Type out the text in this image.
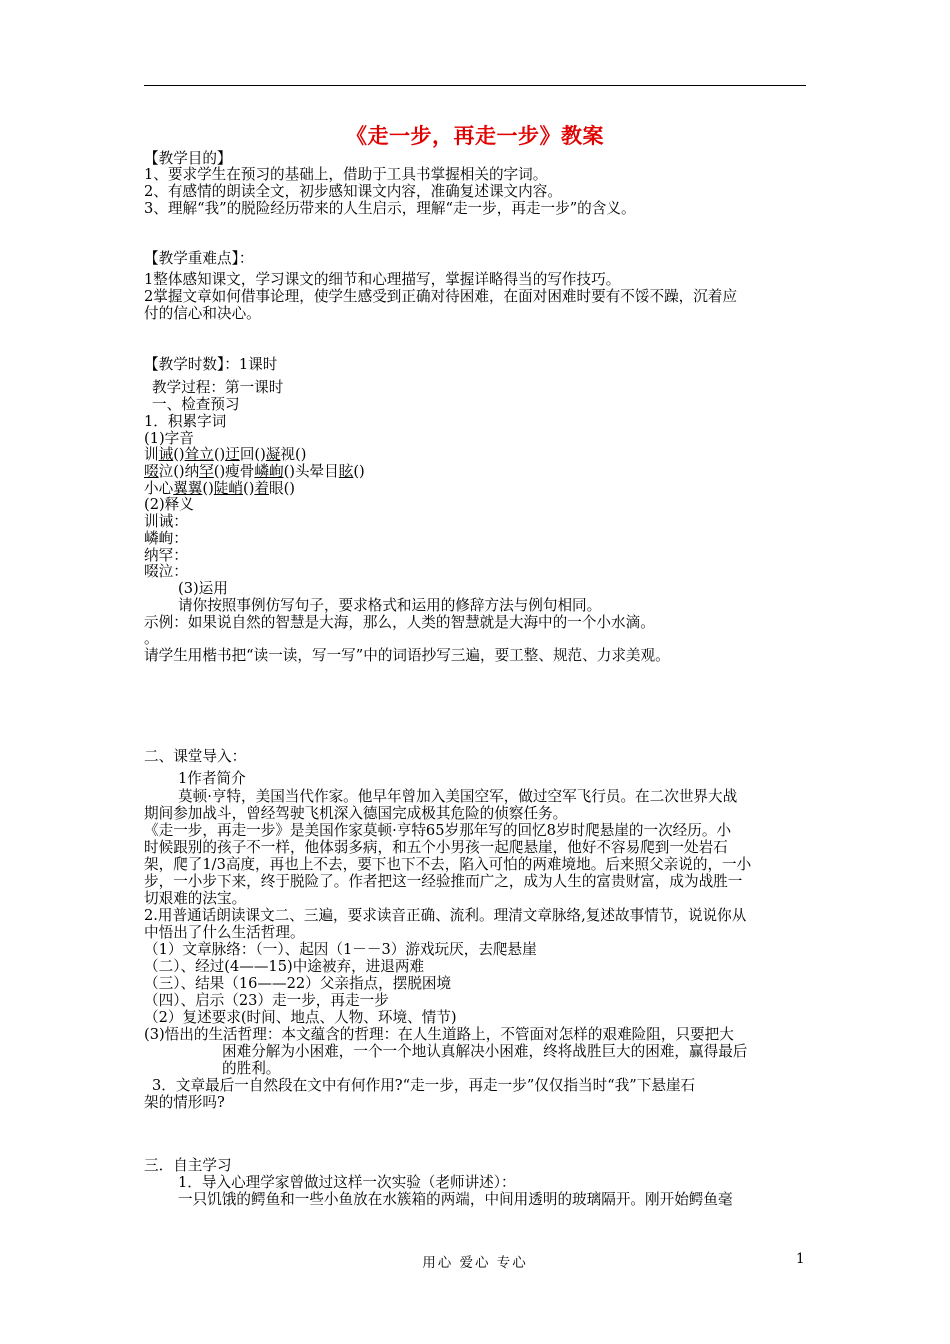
《走一步，再走一步》教案
【教学目的】
1、要求学生在预习的基础上，借助于工具书掌握相关的字词。
2、有感情的朗读全文，初步感知课文内容，准确复述课文内容。
3、理解“我”的脱险经历带来的人生启示，理解“走一步，再走一步”的含义。
【教学重难点】：
1整体感知课文，学习课文的细节和心理描写，掌握详略得当的写作技巧。
2掌握文章如何借事论理，使学生感受到正确对待困难，在面对困难时要有不馁不躁，沉着应
付的信心和决心。
【教学时数】：1课时
教学过程：第一课时
一、检查预习
1．积累字词
(1)字音
训诫()耸立()迂回()凝视()
啜泣()纳罕()瘦骨嶙峋()头晕目眩()
小心翼翼()陡峭()着眼()
(2)释义
训诫：
嶙峋：
纳罕：
啜泣：
(3)运用
请你按照事例仿写句子，要求格式和运用的修辞方法与例句相同。
示例：如果说自然的智慧是大海，那么，人类的智慧就是大海中的一个小水滴。
。
请学生用楷书把“读一读，写一写”中的词语抄写三遍，要工整、规范、力求美观。
二、课堂导入：
1作者简介
莫顿·亨特，美国当代作家。他早年曾加入美国空军，做过空军飞行员。在二次世界大战
期间参加战斗，曾经驾驶飞机深入德国完成极其危险的侦察任务。
《走一步，再走一步》是美国作家莫顿·亨特65岁那年写的回忆8岁时爬悬崖的一次经历。小
时候跟别的孩子不一样，他体弱多病，和五个小男孩一起爬悬崖，他好不容易爬到一处岩石
架，爬了1/3高度，再也上不去，要下也下不去，陷入可怕的两难境地。后来照父亲说的，一小
步，一小步下来，终于脱险了。作者把这一经验推而广之，成为人生的富贵财富，成为战胜一
切艰难的法宝。
2.用普通话朗读课文二、三遍，要求读音正确、流利。理清文章脉络,复述故事情节，说说你从
中悟出了什么生活哲理。
（1）文章脉络：（一）、起因（1－－3）游戏玩厌，去爬悬崖
（二）、经过(4——15)中途被弃，进退两难
（三）、结果（16——22）父亲指点，摆脱困境
（四）、启示（23）走一步，再走一步
（2）复述要求(时间、地点、人物、环境、情节)
(3)悟出的生活哲理：本文蕴含的哲理：在人生道路上，不管面对怎样的艰难险阻，只要把大
困难分解为小困难，一个一个地认真解决小困难，终将战胜巨大的困难，赢得最后
的胜利。
3．文章最后一自然段在文中有何作用?“走一步，再走一步”仅仅指当时“我”下悬崖石
架的情形吗?
三．自主学习
1．导入心理学家曾做过这样一次实验（老师讲述）：
一只饥饿的鳄鱼和一些小鱼放在水簇箱的两端，中间用透明的玻璃隔开。刚开始鳄鱼毫
用心 爱心 专心	1
